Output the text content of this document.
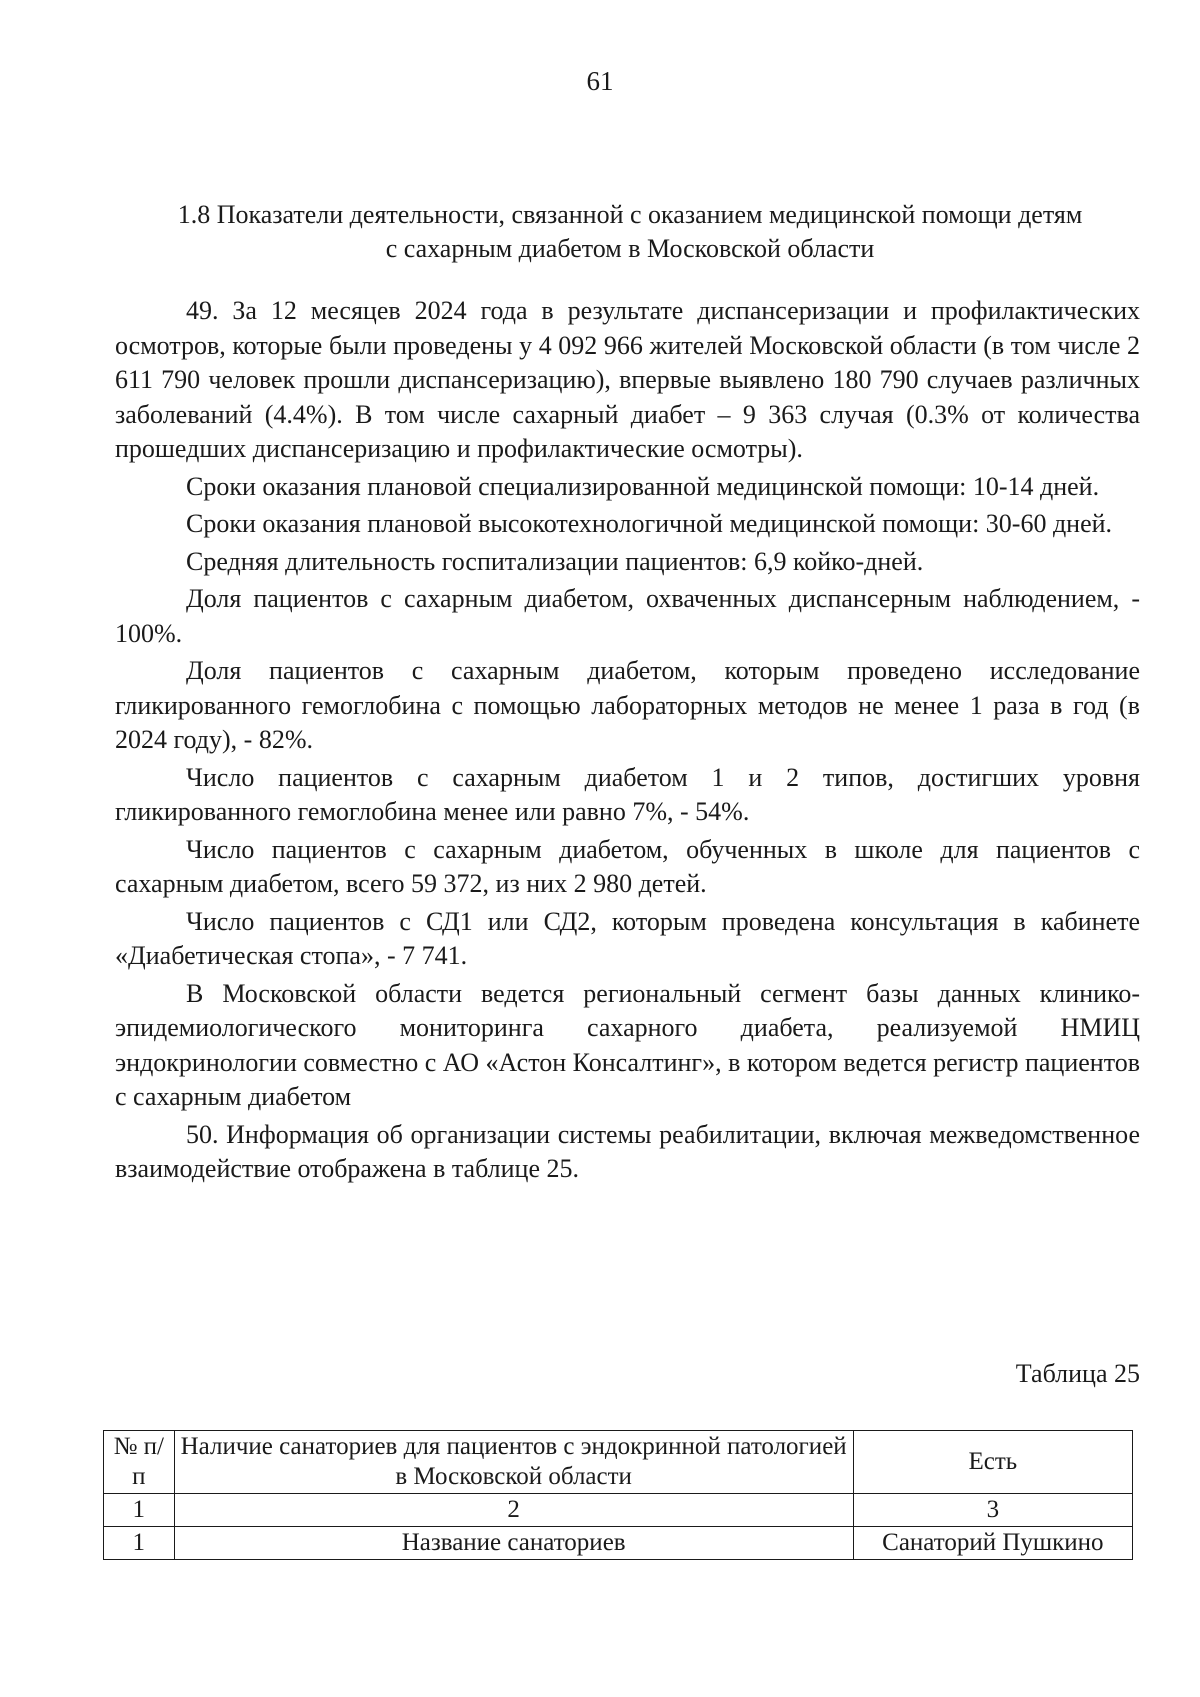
61

1.8 Показатели деятельности, связанной с оказанием медицинской помощи детям
с сахарным диабетом в Московской области

49. За 12 месяцев 2024 года в результате диспансеризации и профилактических осмотров, которые были проведены у 4 092 966 жителей Московской области (в том числе 2 611 790 человек прошли диспансеризацию), впервые выявлено 180 790 случаев различных заболеваний (4.4%). В том числе сахарный диабет – 9 363 случая (0.3% от количества прошедших диспансеризацию и профилактические осмотры).

Сроки оказания плановой специализированной медицинской помощи: 10-14 дней.

Сроки оказания плановой высокотехнологичной медицинской помощи: 30-60 дней.

Средняя длительность госпитализации пациентов: 6,9 койко-дней.

Доля пациентов с сахарным диабетом, охваченных диспансерным наблюдением, - 100%.

Доля пациентов с сахарным диабетом, которым проведено исследование гликированного гемоглобина с помощью лабораторных методов не менее 1 раза в год (в 2024 году), - 82%.

Число пациентов с сахарным диабетом 1 и 2 типов, достигших уровня гликированного гемоглобина менее или равно 7%, - 54%.

Число пациентов с сахарным диабетом, обученных в школе для пациентов с сахарным диабетом, всего 59 372, из них 2 980 детей.

Число пациентов с СД1 или СД2, которым проведена консультация в кабинете «Диабетическая стопа», - 7 741.

В Московской области ведется региональный сегмент базы данных клинико-эпидемиологического мониторинга сахарного диабета, реализуемой НМИЦ эндокринологии совместно с АО «Астон Консалтинг», в котором ведется регистр пациентов с сахарным диабетом

50. Информация об организации системы реабилитации, включая межведомственное взаимодействие отображена в таблице 25.

Таблица 25

№ п/п	Наличие санаториев для пациентов с эндокринной патологией в Московской области	Есть
1	2	3
1	Название санаториев	Санаторий Пушкино
